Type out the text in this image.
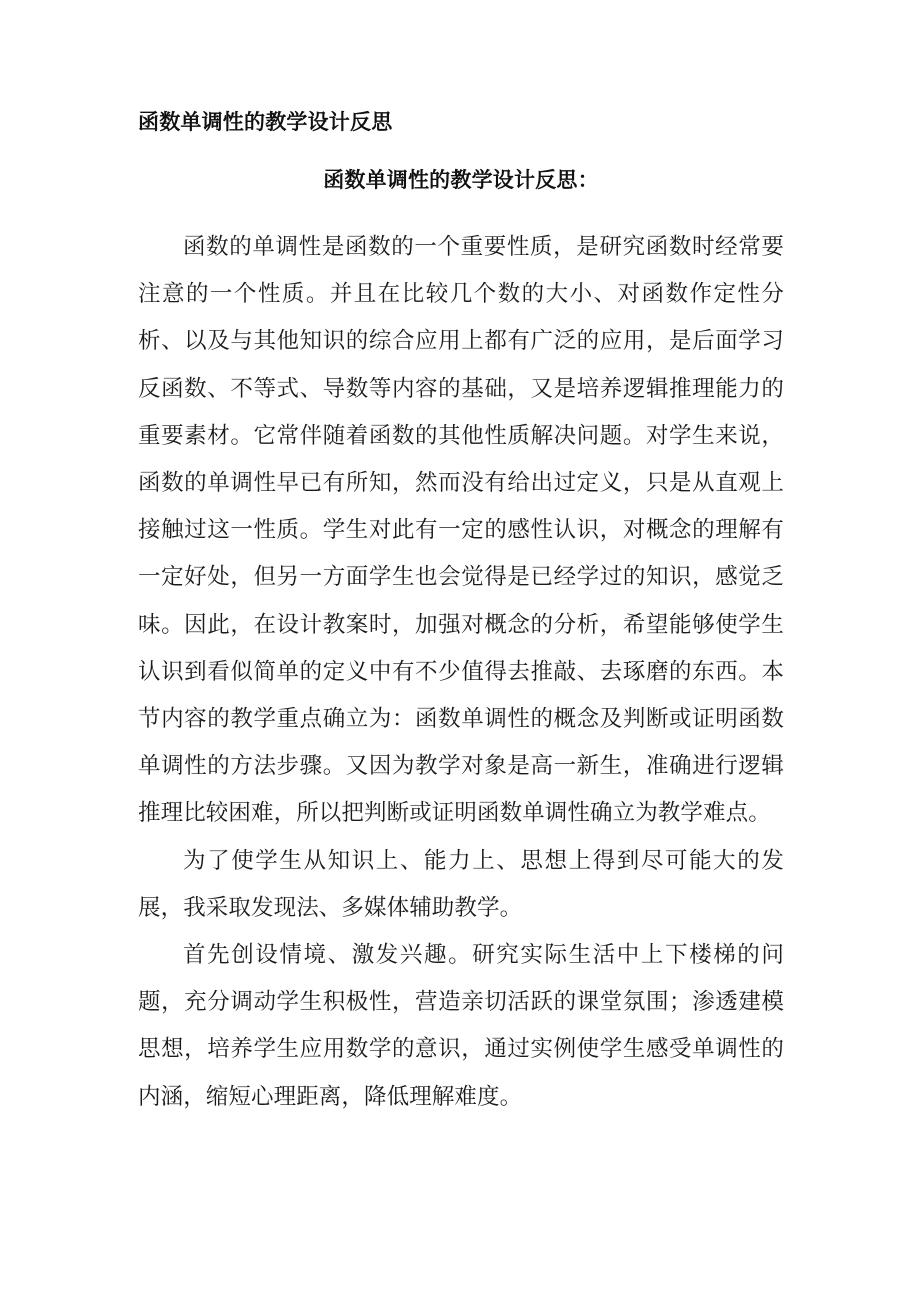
函数单调性的教学设计反思
函数单调性的教学设计反思：

函数的单调性是函数的一个重要性质，是研究函数时经常要注意的一个性质。并且在比较几个数的大小、对函数作定性分析、以及与其他知识的综合应用上都有广泛的应用，是后面学习反函数、不等式、导数等内容的基础，又是培养逻辑推理能力的重要素材。它常伴随着函数的其他性质解决问题。对学生来说，函数的单调性早已有所知，然而没有给出过定义，只是从直观上接触过这一性质。学生对此有一定的感性认识，对概念的理解有一定好处，但另一方面学生也会觉得是已经学过的知识，感觉乏味。因此，在设计教案时，加强对概念的分析，希望能够使学生认识到看似简单的定义中有不少值得去推敲、去琢磨的东西。本节内容的教学重点确立为：函数单调性的概念及判断或证明函数单调性的方法步骤。又因为教学对象是高一新生，准确进行逻辑推理比较困难，所以把判断或证明函数单调性确立为教学难点。

为了使学生从知识上、能力上、思想上得到尽可能大的发展，我采取发现法、多媒体辅助教学。

首先创设情境、激发兴趣。研究实际生活中上下楼梯的问题，充分调动学生积极性，营造亲切活跃的课堂氛围；渗透建模思想，培养学生应用数学的意识，通过实例使学生感受单调性的内涵，缩短心理距离，降低理解难度。
